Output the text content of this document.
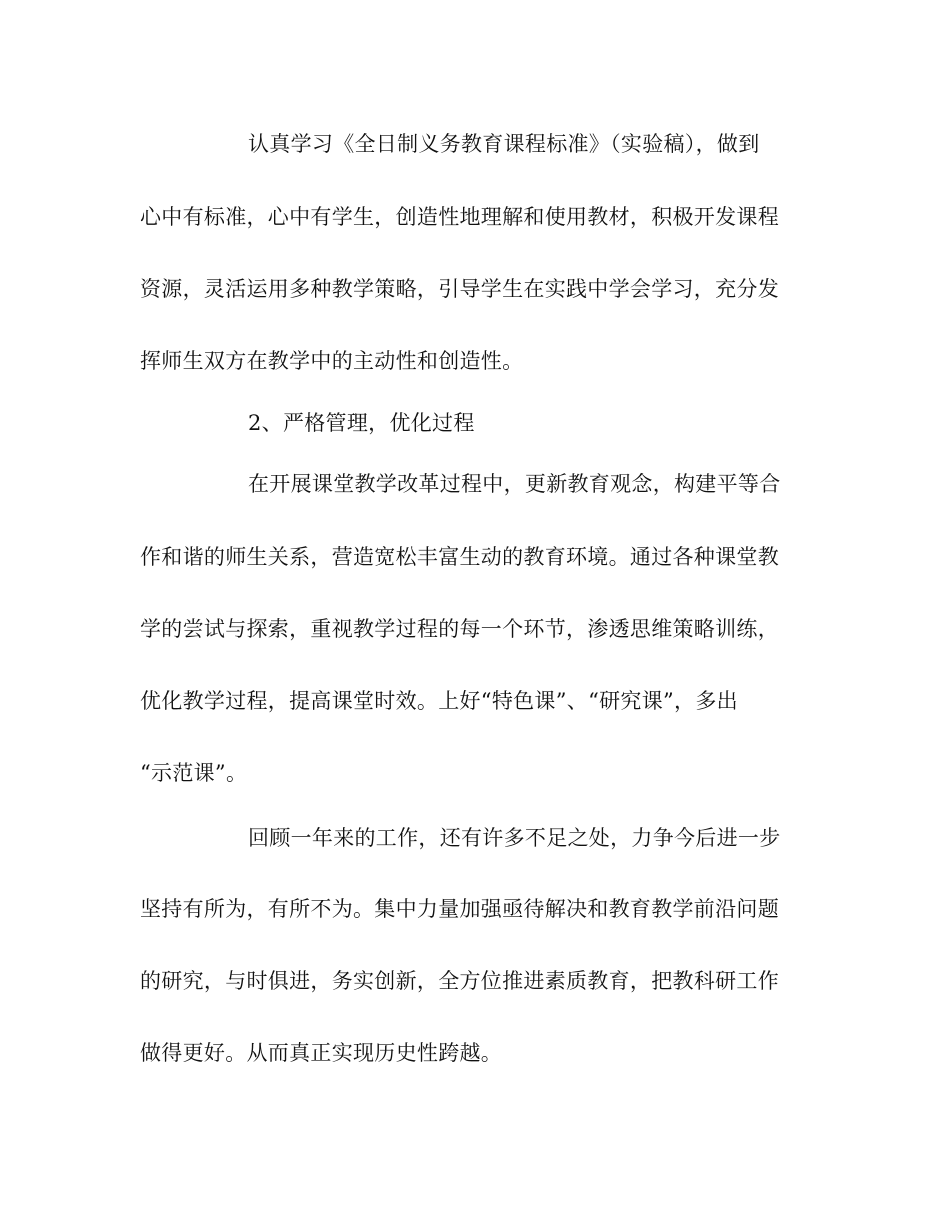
认真学习《全日制义务教育课程标准》（实验稿），做到
心中有标准，心中有学生，创造性地理解和使用教材，积极开发课程
资源，灵活运用多种教学策略，引导学生在实践中学会学习，充分发
挥师生双方在教学中的主动性和创造性。
2、严格管理，优化过程
在开展课堂教学改革过程中，更新教育观念，构建平等合
作和谐的师生关系，营造宽松丰富生动的教育环境。通过各种课堂教
学的尝试与探索，重视教学过程的每一个环节，渗透思维策略训练，
优化教学过程，提高课堂时效。上好“特色课”、“研究课”，多出
“示范课”。
回顾一年来的工作，还有许多不足之处，力争今后进一步
坚持有所为，有所不为。集中力量加强亟待解决和教育教学前沿问题
的研究，与时俱进，务实创新，全方位推进素质教育，把教科研工作
做得更好。从而真正实现历史性跨越。
